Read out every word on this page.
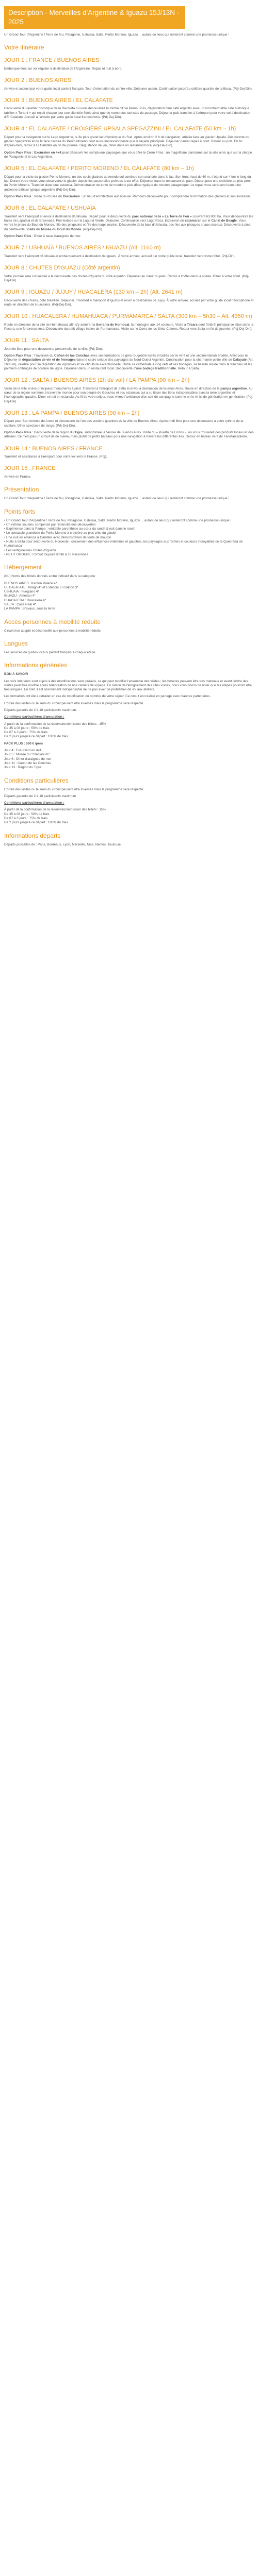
Description - Merveilles d'Argentine & Iguazu 15J/13N - 2025
Un Grand Tour d'Argentine ! Terre de feu, Patagonie, Ushuaia, Salta, Perito Moreno, Iguazu ... autant de lieux qui resteront comme une promesse unique !
Votre itinéraire
JOUR 1 : FRANCE / BUENOS AIRES

Embarquement sur vol régulier à destination de l'Argentine. Repas et nuit à bord.

JOUR 2 : BUENOS AIRES

Arrivée et accueil par votre guide local parlant français. Tour d'orientation du centre-ville. Déjeuner asado. Continuation jusqu'au célèbre quartier de la Boca. (Pdj-Dej-Din).

JOUR 3 : BUENOS AIRES / EL CALAFATE

Découverte du quartier historique de la Recoleta où vous découvrirez la tombe d'Eva Peron. Puis, dégustation d'un café argentin avec un incontournable café historique tabiflex « Tortoni » qui reçoit chaque jour une clientèle fidèle ainsi que de nombreux touristes de passage. Déjeuner puis transfert à l'aéroport pour votre vol à destination d'El Calafate. Accueil à l'arrivée par votre guide local francophone. (Pdj-Dej-Din).

JOUR 4 : EL CALAFATE / CROISIÈRE UPSALA SPEGAZZINI / EL CALAFATE (50 km – 1h)

Départ pour la navigation sur le Lago Argentino, le 3e plus grand lac d'Amérique du Sud. Après environ 2 h de navigation, arrivée face au glacier Upsala. Découverte du glacier Spegazzini et de la face cachée du Perito Moreno, tout aussi impressionnante que la façade principale. Déjeuner panier-repas à bord. Retour au port. En fin d'après-midi, retour à El Calafate en fin de journée. Dégustation de vin, dîner dans un restaurant local (Pdj-Dej-Din).

Option Pack Plus : Excursion en 4x4 pour découvrir les somptueux paysages que vous offre le Cerro Frías : un magnifique panorama sur la ville ainsi que sur la steppe de Patagonie et le Lac Argentino.

JOUR 5 : EL CALAFATE / PERITO MORENO / EL CALAFATE (80 km – 1h)

Départ pour la visite du glacier Perito Moreno, un des seuls glaciers au monde qui continue son avancée dans le lac. Son front, haut de 60 m, s'étend sur 4 km le long du lac. Durant votre visite, vous observerez le glacier depuis les passerelles prévues à cet effet. Déjeuner dans le restaurant du parc. Départ pour une croisière au plus près du Perito Moreno. Transfert dans une estancia. Démonstration de tonte de moutons puis dîner typique de mouton patagonique. Le repas vous sera servi dans une ancienne bâtisse typique argentine (Pdj-Dej-Din).

Option Pack Plus : Visite du musée du Glaciarium : un lieu d'architecture audacieuse. Parcours découverte pour comprendre la formation des glaciers et son évolution.

JOUR 6 : EL CALAFATE / USHUAÏA

Transfert vers l'aéroport et envol à destination d'Ushuaïa. Départ pour la découverte du parc national de la « La Terre de Feu » couvrant 63 000 ha. Vous découvrirez les baies de Lapataia et de Ensenada. Puis balade sur la Laguna Verde. Déjeuner. Continuation vers Lago Roca. Excursion en catamaran sur le Canal de Beagle. Vous verrez le phare du Bout du Monde, l'île des pingouins et l'île des loups marins. Découverte de la baie d'Ushuaïa, des îles aux phoques et aux oiseaux. Découverte à pied du centre-ville. Visite du Musée du Bout du Monde. (Pdj-Dej-Din).

Option Pack Plus : Dîner à base d'araignée de mer.

JOUR 7 : USHUAÏA / BUENOS AIRES / IGUAZU (Alt. 1160 m)

Transfert vers l'aéroport d'Ushuaïa et embarquement à destination de Iguazu. À votre arrivée, accueil par votre guide local, transfert vers votre hôtel. (Pdj-Din).

JOUR 8 : CHUTES D'IGUAZU (Côté argentin)

Votre journée sera consacrée à la découverte des chutes d'Iguazu du côté argentin. Déjeuner au cœur du parc. Retour à l'hôtel dans la soirée. Dîner à votre hôtel. (Pdj-Dej-Din).

JOUR 9 : IGUAZU / JUJUY / HUACALERA (130 km – 2h) (Alt. 2641 m)

Découverte des chutes, côté brésilien. Déjeuner. Transfert à l'aéroport d'Iguazu et envol à destination de Jujuy. À votre arrivée, accueil par votre guide local francophone et route en direction de Huacalera. (Pdj-Dej-Din).

JOUR 10 : HUACALERA / HUMAHUACA / PURMAMARCA / SALTA (300 km – 5h30 – Alt. 4350 m)

Route en direction de la cité de Humahuaca afin d'y admirer la Serranía de Hornocal, la montagne aux 14 couleurs. Visite à Tilcara dont l'intérêt principal se situe dans la Pucara, une forteresse inca. Découverte du petit village indien de Purmamarca. Visite sur le Cerro de los Siete Colores. Retour vers Salta en fin de journée. (Pdj-Dej-Din).

JOUR 11 : SALTA

Journée libre pour une découverte personnelle de la ville. (Pdj-Din).

Option Pack Plus : Traversée du Cañon de las Conchas avec ses formations de grès rougeâtre lissés et taillés par le vent et une sédimentation érodée. Arrêt pour le Déjeuner et dégustation de vin et de fromages dans le cadre unique des paysages du Nord-Ouest Argentin. Continuation pour la charmante petite ville de Cafayate (Alt. 1683 m), célèbre pour sa réputation de vignobles et sa viticulture exceptionnelle. Outre sa cathédrale à cinq nefs et ses bodegas, sa beauté réside dans la fraîcheur et les palmiers ombragés de bordure de vigne. Déjeuner dans un restaurant local. Découverte d'une bodega traditionnelle. Retour à Salta.

JOUR 12 : SALTA / BUENOS AIRES (2h de vol) / LA PAMPA (90 km – 2h)

Visite de la ville et des principaux monuments à pied. Transfert à l'aéroport de Salta et envol à destination de Buenos Aires. Route en direction de la pampa argentine. Au cœur de la région nommée à travers le monde pour son peuple de Gauchos et ses estancias qui a su tisser des liens indispensables avec la terre argentine et l'iconographie gaucho. Dîner et nuit en estancia. Au fil de votre séjour, vous vivrez l'ambiance d'un soir de campagne comme on le vit ici de génération en génération. (Pdj-Dej-Din).

JOUR 13 : LA PAMPA / BUENOS AIRES (90 km – 2h)

Départ pour San Antonio de Areco et découverte de l'un des anciens quartiers de la ville de Buenos Aires. Après-midi libre pour une découverte à votre rythme de la capitale. Dîner spectacle de tango. (Pdj-Dej-Din).

Option Pack Plus : Découverte de la région du Tigre, surnommée la Venise de Buenos Aires. Visite du « Puerto de Frutos », où vous trouverez des produits locaux et des artisans. Ce n'est pas un circuit de de rivière, mais plutôt de petits bateaux pour une navigation à travers les différentes îles. Retour en bateau vers de Fenetarcadierre.

JOUR 14 : BUENOS AIRES / FRANCE

Transfert et assistance à l'aéroport pour votre vol vers la France. (Pdj).

JOUR 15 : FRANCE

Arrivée en France.

Présentation

Un Grand Tour d'Argentine ! Terre de feu, Patagonie, Ushuaia, Salta, Perito Moreno, Iguazu ... autant de lieux qui resteront comme une promesse unique !

Points forts
• Un Grand Tour d'Argentine ! Terre de feu, Patagonie, Ushuaia, Salta, Perito Moreno, Iguazu ... autant de lieux qui resteront comme une promesse unique !
• Un rythme soutenu compensé par l'intensité des découvertes
• Expérience dans la Pampa : véritable parenthèse au cœur du ranch & nuit dans le ranch
• Le spectacle grandiose du Perito Moreno à croisière au plus près du glacier
• Une nuit en estancia à Calafate avec démonstration de tonte de mouton
• Nuits à Salta pour découverte du Noroeste : croisement des influences indiennes et gauchos, les paysages aux formes et couleurs incroyables de la Quebrada de Humahuaca
• Les vertigineuses chutes d'Iguazu
• PETIT GROUPE ! Circuit toujours limité à 18 Personnes
Hébergement

(NL) Noms des hôtels donnés à titre indicatif dans la catégorie

BUENOS AIRES : Kenton Palace 4*
EL CALAFATE : Imago 4* et Estancia El Galpon 3*
USHUAIA : Fuegiano 4*
IGUAZU : Amerian 4*
HUACALERA : Huacalera 4*
SALTA : Casa Real 4*
LA PAMPA : Bravaux, sous la tente
Accès personnes à mobilité réduite

Circuit non adapté et déconseillé aux personnes à mobilité réduite.

Langues

Les services de guides locaux parlant français à chaque étape.

Informations générales

BON À SAVOIR

Les vols intérieurs sont sujets à des modifications sans préavis, ce qui peut modifier l'ensemble des visites ; les horaires peuvent être très matinaux et avant l'ordre des visites peut être modifié après l'élaboration de nos carnets de voyage. En raison de l'éloignement des sites visités, nous vous prions de noter que les étapes pourront être très longues. En bref, il est absolument indispensable de ne pas avoir de problèmes de vol aux ateliers.

Les formalités ont été à retraiter en cas de modification du nombre de votre séjour. Ce circuit est réalisé en partage avec d'autres partenaires.

L'ordre des visites ou le sens du circuit peuvent être inversés mais le programme sera respecté.

Départs garantis de 2 à 18 participants maximum.

Conditions particulières d'annulation :

À partir de la confirmation de la réservation/émission des billets : 15%
De 35 à 08 jours : 50% de frais
De 07 à 3 jours : 75% de frais
De 2 jours jusqu'à ce départ : 100% de frais

PACK PLUS : 590 € /pers

Jour 4 : Excursion en 4x4
Jour 5 : Musée du "Glaciarium"
Jour 6 : Dîner d'araignée de mer
Jour 11 : Canon de las Conchas
Jour 13 : Région du Tigre
Conditions particulières

L'ordre des visites ou le sens du circuit peuvent être inversés mais le programme sera respecté.

Départs garantis de 2 à 18 participants maximum

Conditions particulières d'annulation :

À partir de la confirmation de la réservation/émission des billets : 15%
De 35 à 08 jours : 50% de frais
De 07 à 3 jours : 75% de frais
De 2 jours jusqu'à ce départ : 100% de frais
Informations départs

Départs possibles de : Paris, Bordeaux, Lyon, Marseille, Nice, Nantes, Toulouse
